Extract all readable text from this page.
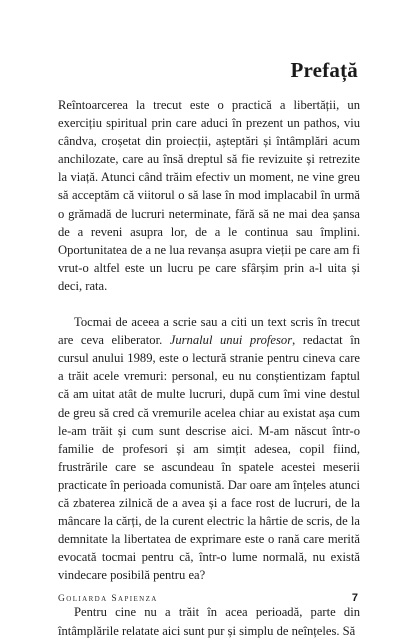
Prefață

Reîntoarcerea la trecut este o practică a libertății, un exercițiu spiritual prin care aduci în prezent un pathos, viu cândva, croșetat din proiecții, așteptări și întâmplări acum anchilozate, care au însă dreptul să fie revizuite și retrezite la viață. Atunci când trăim efectiv un moment, ne vine greu să acceptăm că viitorul o să lase în mod implacabil în urmă o grămadă de lucruri neterminate, fără să ne mai dea șansa de a reveni asupra lor, de a le continua sau împlini. Oportunitatea de a ne lua revanșa asupra vieții pe care am fi vrut-o altfel este un lucru pe care sfârșim prin a-l uita și deci, rata.

Tocmai de aceea a scrie sau a citi un text scris în trecut are ceva eliberator. Jurnalul unui profesor, redactat în cursul anului 1989, este o lectură stranie pentru cineva care a trăit acele vremuri: personal, eu nu conștientizam faptul că am uitat atât de multe lucruri, după cum îmi vine destul de greu să cred că vremurile acelea chiar au existat așa cum le-am trăit și cum sunt descrise aici. M-am născut într-o familie de profesori și am simțit adesea, copil fiind, frustrările care se ascundeau în spatele acestei meserii practicate în perioada comunistă. Dar oare am înțeles atunci că zbaterea zilnică de a avea și a face rost de lucruri, de la mâncare la cărți, de la curent electric la hârtie de scris, de la demnitate la libertatea de exprimare este o rană care merită evocată tocmai pentru că, într-o lume normală, nu există vindecare posibilă pentru ea?

Pentru cine nu a trăit în acea perioadă, parte din întâmplările relatate aici sunt pur și simplu de neînțeles. Să

Goliarda Sapienza	7
